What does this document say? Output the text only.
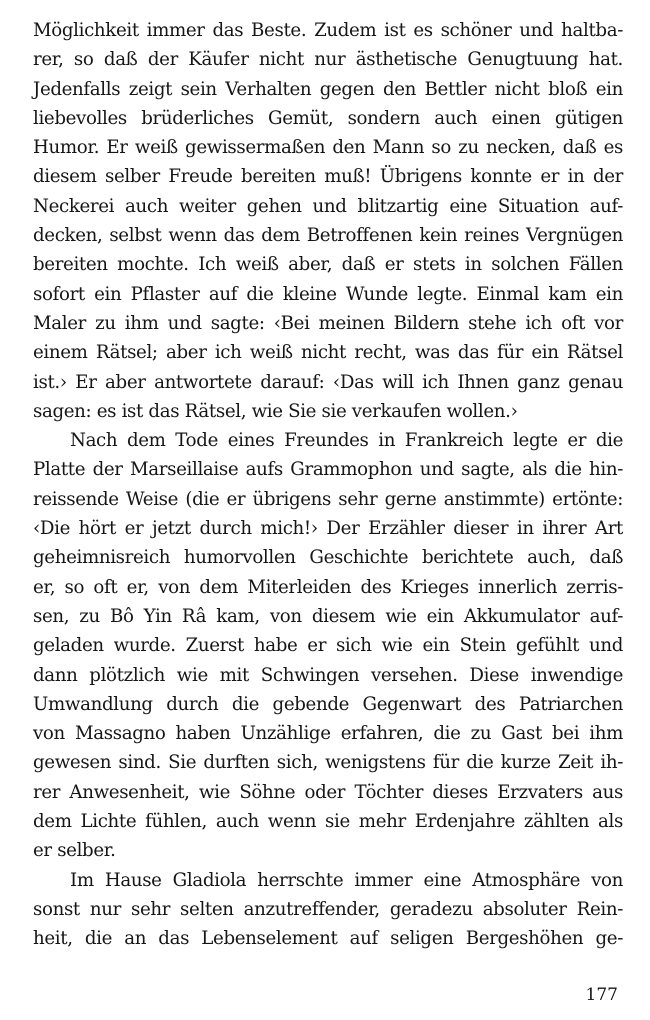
Möglichkeit immer das Beste. Zudem ist es schöner und haltba-
rer, so daß der Käufer nicht nur ästhetische Genugtuung hat.
Jedenfalls zeigt sein Verhalten gegen den Bettler nicht bloß ein
liebevolles brüderliches Gemüt, sondern auch einen gütigen
Humor. Er weiß gewissermaßen den Mann so zu necken, daß es
diesem selber Freude bereiten muß! Übrigens konnte er in der
Neckerei auch weiter gehen und blitzartig eine Situation auf-
decken, selbst wenn das dem Betroffenen kein reines Vergnügen
bereiten mochte. Ich weiß aber, daß er stets in solchen Fällen
sofort ein Pflaster auf die kleine Wunde legte. Einmal kam ein
Maler zu ihm und sagte: ‹Bei meinen Bildern stehe ich oft vor
einem Rätsel; aber ich weiß nicht recht, was das für ein Rätsel
ist.› Er aber antwortete darauf: ‹Das will ich Ihnen ganz genau
sagen: es ist das Rätsel, wie Sie sie verkaufen wollen.›
Nach dem Tode eines Freundes in Frankreich legte er die
Platte der Marseillaise aufs Grammophon und sagte, als die hin-
reissende Weise (die er übrigens sehr gerne anstimmte) ertönte:
‹Die hört er jetzt durch mich!› Der Erzähler dieser in ihrer Art
geheimnisreich humorvollen Geschichte berichtete auch, daß
er, so oft er, von dem Miterleiden des Krieges innerlich zerris-
sen, zu Bô Yin Râ kam, von diesem wie ein Akkumulator auf-
geladen wurde. Zuerst habe er sich wie ein Stein gefühlt und
dann plötzlich wie mit Schwingen versehen. Diese inwendige
Umwandlung durch die gebende Gegenwart des Patriarchen
von Massagno haben Unzählige erfahren, die zu Gast bei ihm
gewesen sind. Sie durften sich, wenigstens für die kurze Zeit ih-
rer Anwesenheit, wie Söhne oder Töchter dieses Erzvaters aus
dem Lichte fühlen, auch wenn sie mehr Erdenjahre zählten als
er selber.
Im Hause Gladiola herrschte immer eine Atmosphäre von
sonst nur sehr selten anzutreffender, geradezu absoluter Rein-
heit, die an das Lebenselement auf seligen Bergeshöhen ge-
177
